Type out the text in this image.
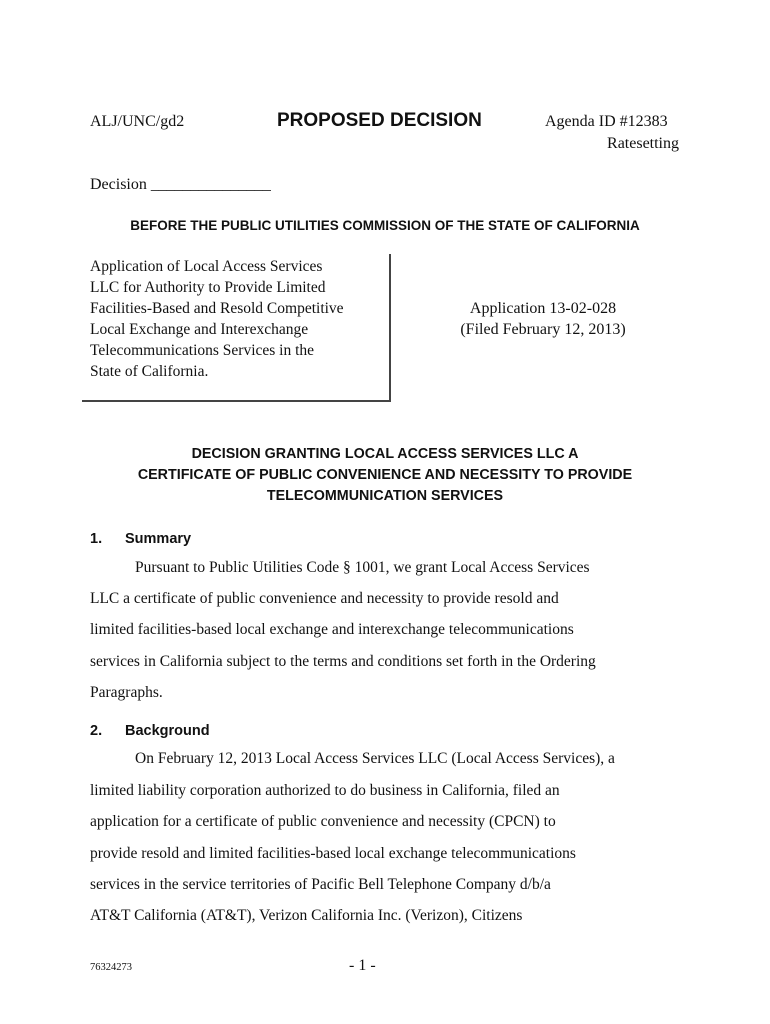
ALJ/UNC/gd2	PROPOSED DECISION	Agenda ID #12383
Ratesetting
Decision _______________
BEFORE THE PUBLIC UTILITIES COMMISSION OF THE STATE OF CALIFORNIA
Application of Local Access Services
LLC for Authority to Provide Limited
Facilities-Based and Resold Competitive
Local Exchange and Interexchange
Telecommunications Services in the
State of California.
Application 13-02-028
(Filed February 12, 2013)
DECISION GRANTING LOCAL ACCESS SERVICES LLC A
CERTIFICATE OF PUBLIC CONVENIENCE AND NECESSITY TO PROVIDE
TELECOMMUNICATION SERVICES
1. Summary
Pursuant to Public Utilities Code § 1001, we grant Local Access Services
LLC a certificate of public convenience and necessity to provide resold and
limited facilities-based local exchange and interexchange telecommunications
services in California subject to the terms and conditions set forth in the Ordering
Paragraphs.
2. Background
On February 12, 2013 Local Access Services LLC (Local Access Services), a
limited liability corporation authorized to do business in California, filed an
application for a certificate of public convenience and necessity (CPCN) to
provide resold and limited facilities-based local exchange telecommunications
services in the service territories of Pacific Bell Telephone Company d/b/a
AT&T California (AT&T), Verizon California Inc. (Verizon), Citizens
76324273	- 1 -
